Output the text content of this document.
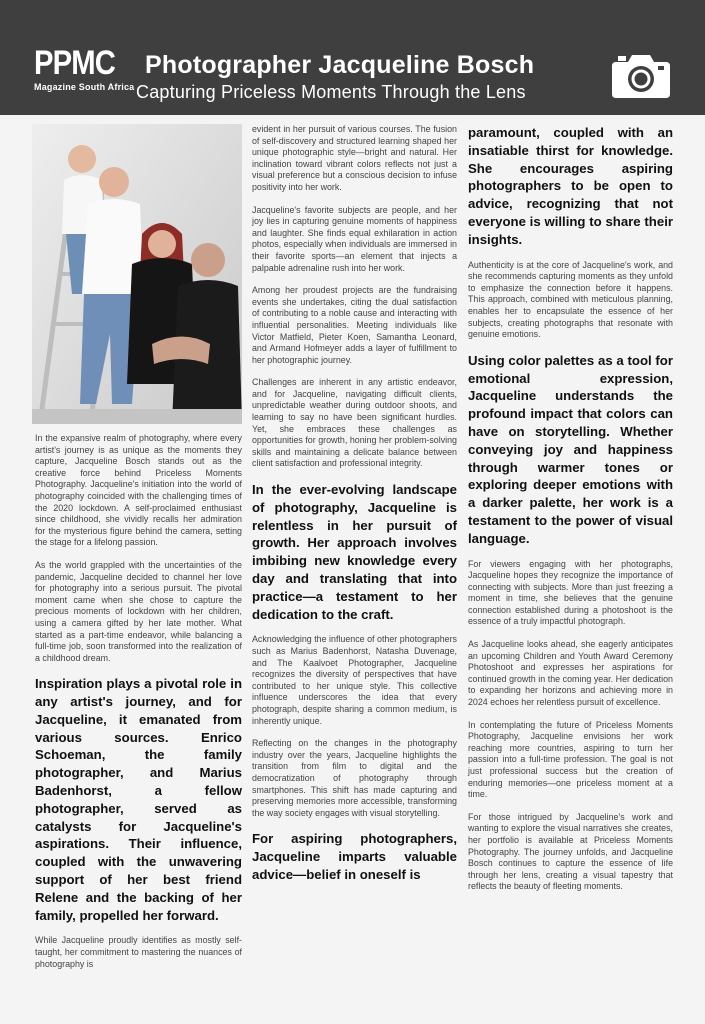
PPMC
Magazine South Africa
Photographer Jacqueline Bosch
Capturing Priceless Moments Through the Lens

In the expansive realm of photography, where every artist's journey is as unique as the moments they capture, Jacqueline Bosch stands out as the creative force behind Priceless Moments Photography. Jacqueline's initiation into the world of photography coincided with the challenging times of the 2020 lockdown. A self-proclaimed enthusiast since childhood, she vividly recalls her admiration for the mysterious figure behind the camera, setting the stage for a lifelong passion.

As the world grappled with the uncertainties of the pandemic, Jacqueline decided to channel her love for photography into a serious pursuit. The pivotal moment came when she chose to capture the precious moments of lockdown with her children, using a camera gifted by her late mother. What started as a part-time endeavor, while balancing a full-time job, soon transformed into the realization of a childhood dream.

Inspiration plays a pivotal role in any artist's journey, and for Jacqueline, it emanated from various sources. Enrico Schoeman, the family photographer, and Marius Badenhorst, a fellow photographer, served as catalysts for Jacqueline's aspirations. Their influence, coupled with the unwavering support of her best friend Relene and the backing of her family, propelled her forward.

While Jacqueline proudly identifies as mostly self-taught, her commitment to mastering the nuances of photography is

evident in her pursuit of various courses. The fusion of self-discovery and structured learning shaped her unique photographic style—bright and natural. Her inclination toward vibrant colors reflects not just a visual preference but a conscious decision to infuse positivity into her work.

Jacqueline's favorite subjects are people, and her joy lies in capturing genuine moments of happiness and laughter. She finds equal exhilaration in action photos, especially when individuals are immersed in their favorite sports—an element that injects a palpable adrenaline rush into her work.

Among her proudest projects are the fundraising events she undertakes, citing the dual satisfaction of contributing to a noble cause and interacting with influential personalities. Meeting individuals like Victor Matfield, Pieter Koen, Samantha Leonard, and Armand Hofmeyer adds a layer of fulfillment to her photographic journey.

Challenges are inherent in any artistic endeavor, and for Jacqueline, navigating difficult clients, unpredictable weather during outdoor shoots, and learning to say no have been significant hurdles. Yet, she embraces these challenges as opportunities for growth, honing her problem-solving skills and maintaining a delicate balance between client satisfaction and professional integrity.

In the ever-evolving landscape of photography, Jacqueline is relentless in her pursuit of growth. Her approach involves imbibing new knowledge every day and translating that into practice—a testament to her dedication to the craft.

Acknowledging the influence of other photographers such as Marius Badenhorst, Natasha Duvenage, and The Kaalvoet Photographer, Jacqueline recognizes the diversity of perspectives that have contributed to her unique style. This collective influence underscores the idea that every photograph, despite sharing a common medium, is inherently unique.

Reflecting on the changes in the photography industry over the years, Jacqueline highlights the transition from film to digital and the democratization of photography through smartphones. This shift has made capturing and preserving memories more accessible, transforming the way society engages with visual storytelling.

For aspiring photographers, Jacqueline imparts valuable advice—belief in oneself is

paramount, coupled with an insatiable thirst for knowledge. She encourages aspiring photographers to be open to advice, recognizing that not everyone is willing to share their insights.

Authenticity is at the core of Jacqueline's work, and she recommends capturing moments as they unfold to emphasize the connection before it happens. This approach, combined with meticulous planning, enables her to encapsulate the essence of her subjects, creating photographs that resonate with genuine emotions.

Using color palettes as a tool for emotional expression, Jacqueline understands the profound impact that colors can have on storytelling. Whether conveying joy and happiness through warmer tones or exploring deeper emotions with a darker palette, her work is a testament to the power of visual language.

For viewers engaging with her photographs, Jacqueline hopes they recognize the importance of connecting with subjects. More than just freezing a moment in time, she believes that the genuine connection established during a photoshoot is the essence of a truly impactful photograph.

As Jacqueline looks ahead, she eagerly anticipates an upcoming Children and Youth Award Ceremony Photoshoot and expresses her aspirations for continued growth in the coming year. Her dedication to expanding her horizons and achieving more in 2024 echoes her relentless pursuit of excellence.

In contemplating the future of Priceless Moments Photography, Jacqueline envisions her work reaching more countries, aspiring to turn her passion into a full-time profession. The goal is not just professional success but the creation of enduring memories—one priceless moment at a time.

For those intrigued by Jacqueline's work and wanting to explore the visual narratives she creates, her portfolio is available at Priceless Moments Photography. The journey unfolds, and Jacqueline Bosch continues to capture the essence of life through her lens, creating a visual tapestry that reflects the beauty of fleeting moments.
